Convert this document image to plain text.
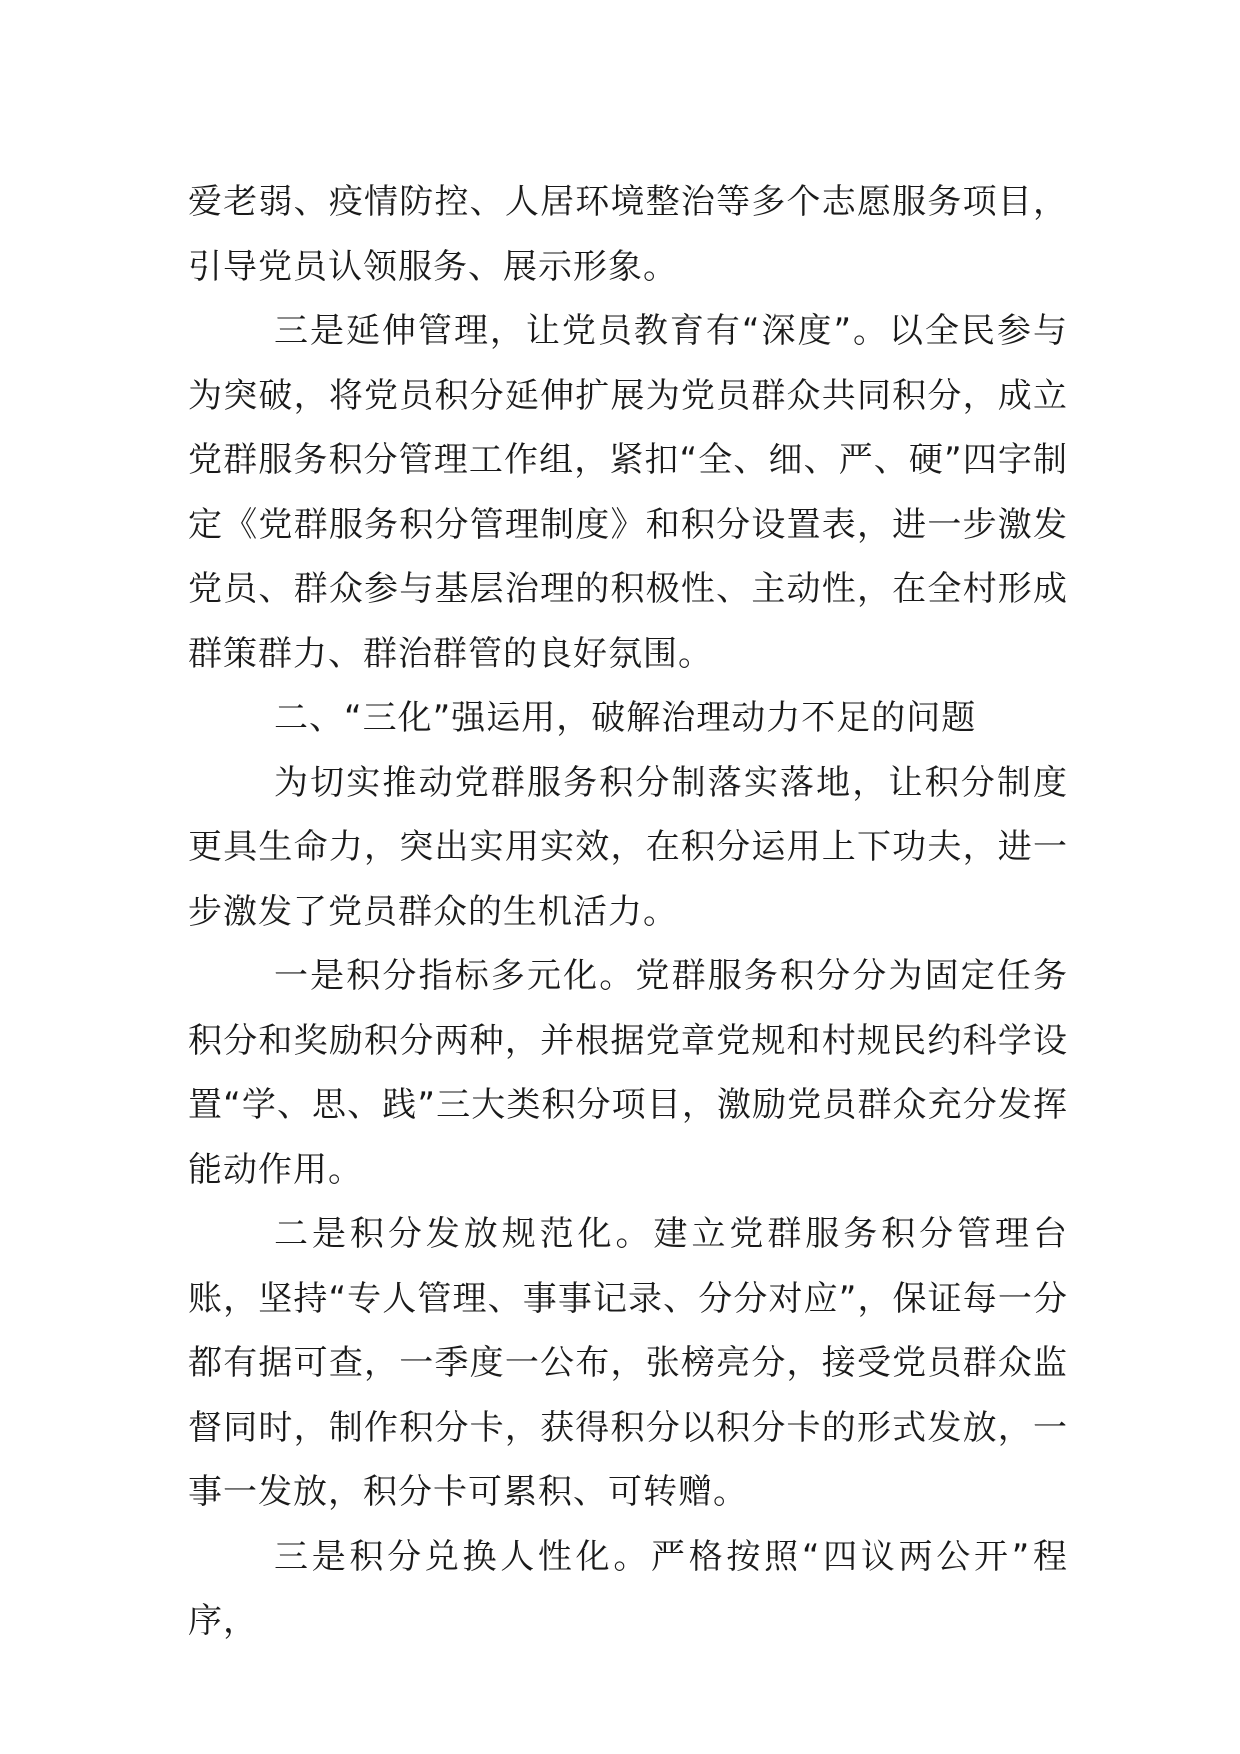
爱老弱、疫情防控、人居环境整治等多个志愿服务项目，引导党员认领服务、展示形象。

三是延伸管理，让党员教育有“深度”。以全民参与为突破，将党员积分延伸扩展为党员群众共同积分，成立党群服务积分管理工作组，紧扣“全、细、严、硬”四字制定《党群服务积分管理制度》和积分设置表，进一步激发党员、群众参与基层治理的积极性、主动性，在全村形成群策群力、群治群管的良好氛围。

二、“三化”强运用，破解治理动力不足的问题

为切实推动党群服务积分制落实落地，让积分制度更具生命力，突出实用实效，在积分运用上下功夫，进一步激发了党员群众的生机活力。

一是积分指标多元化。党群服务积分分为固定任务积分和奖励积分两种，并根据党章党规和村规民约科学设置“学、思、践”三大类积分项目，激励党员群众充分发挥能动作用。

二是积分发放规范化。建立党群服务积分管理台账，坚持“专人管理、事事记录、分分对应”，保证每一分都有据可查，一季度一公布，张榜亮分，接受党员群众监督同时，制作积分卡，获得积分以积分卡的形式发放，一事一发放，积分卡可累积、可转赠。

三是积分兑换人性化。严格按照“四议两公开”程序，
